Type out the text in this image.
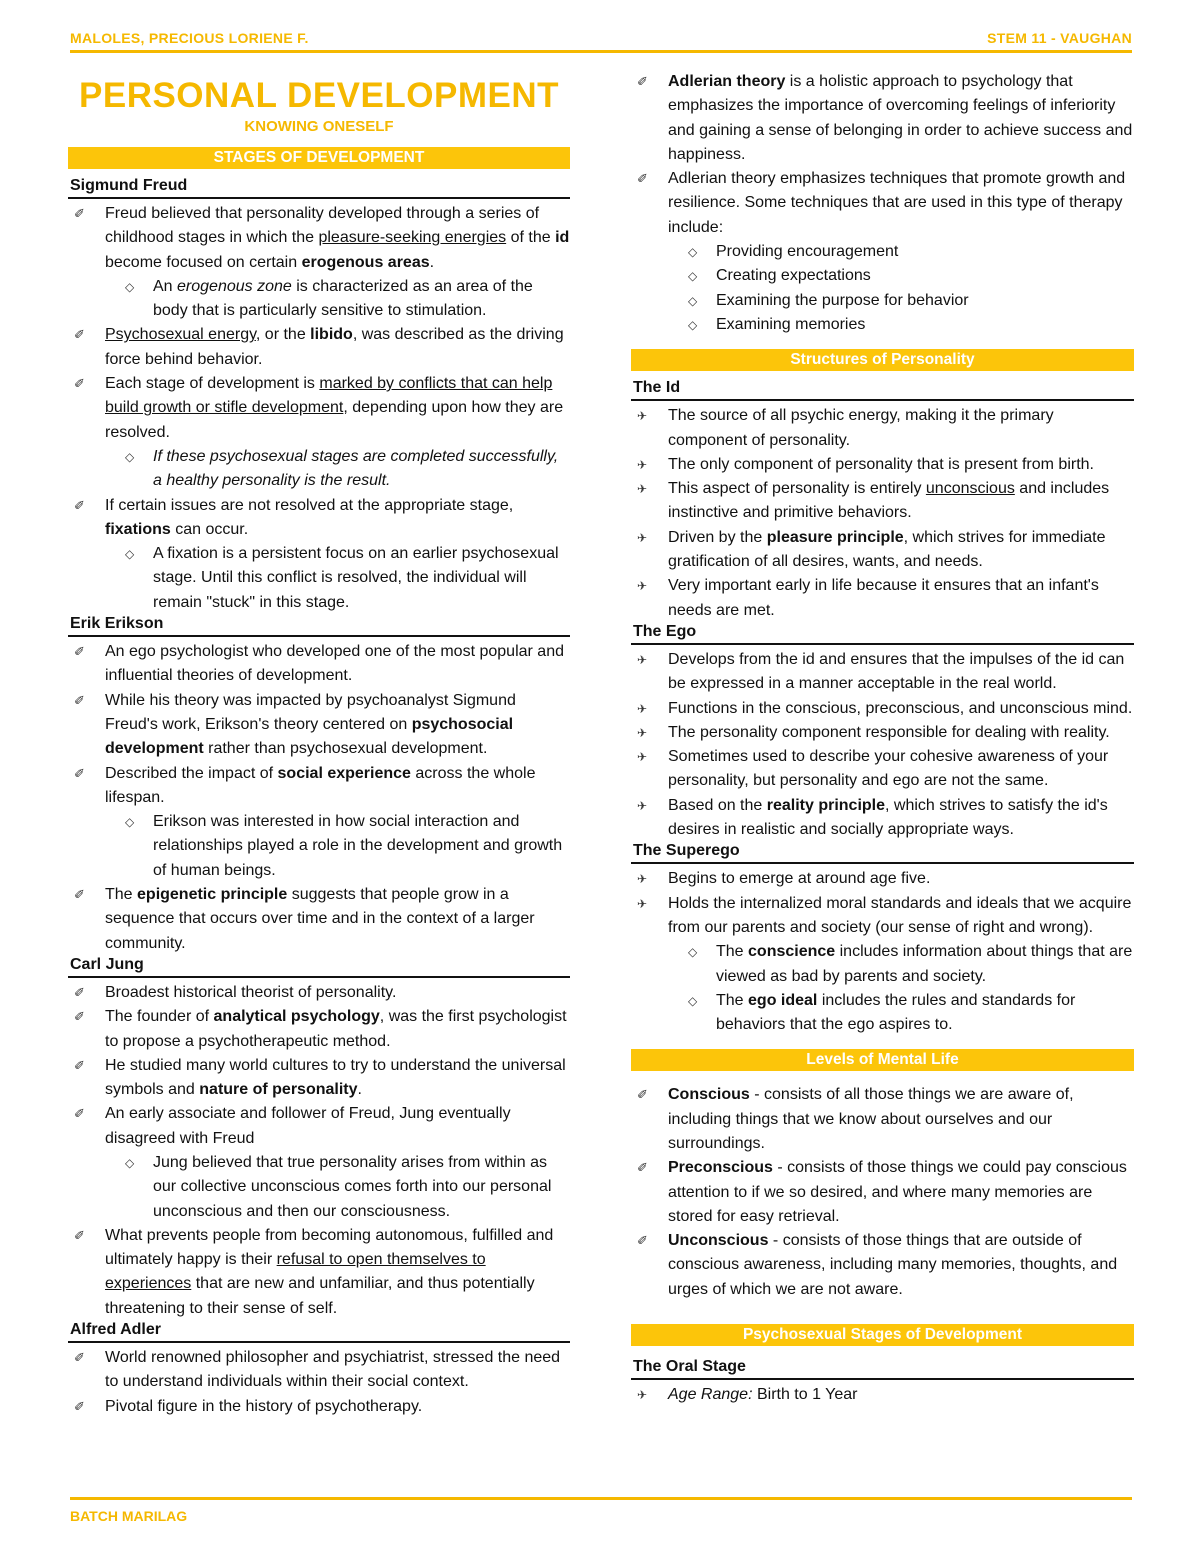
MALOLES, PRECIOUS LORIENE F.	STEM 11 - VAUGHAN
PERSONAL DEVELOPMENT
KNOWING ONESELF
STAGES OF DEVELOPMENT
Sigmund Freud
✐ Freud believed that personality developed through a series of childhood stages in which the pleasure-seeking energies of the id become focused on certain erogenous areas.
◇ An erogenous zone is characterized as an area of the body that is particularly sensitive to stimulation.
✐ Psychosexual energy, or the libido, was described as the driving force behind behavior.
✐ Each stage of development is marked by conflicts that can help build growth or stifle development, depending upon how they are resolved.
◇ If these psychosexual stages are completed successfully, a healthy personality is the result.
✐ If certain issues are not resolved at the appropriate stage, fixations can occur.
◇ A fixation is a persistent focus on an earlier psychosexual stage. Until this conflict is resolved, the individual will remain "stuck" in this stage.
Erik Erikson
✐ An ego psychologist who developed one of the most popular and influential theories of development.
✐ While his theory was impacted by psychoanalyst Sigmund Freud's work, Erikson's theory centered on psychosocial development rather than psychosexual development.
✐ Described the impact of social experience across the whole lifespan.
◇ Erikson was interested in how social interaction and relationships played a role in the development and growth of human beings.
✐ The epigenetic principle suggests that people grow in a sequence that occurs over time and in the context of a larger community.
Carl Jung
✐ Broadest historical theorist of personality.
✐ The founder of analytical psychology, was the first psychologist to propose a psychotherapeutic method.
✐ He studied many world cultures to try to understand the universal symbols and nature of personality.
✐ An early associate and follower of Freud, Jung eventually disagreed with Freud
◇ Jung believed that true personality arises from within as our collective unconscious comes forth into our personal unconscious and then our consciousness.
✐ What prevents people from becoming autonomous, fulfilled and ultimately happy is their refusal to open themselves to experiences that are new and unfamiliar, and thus potentially threatening to their sense of self.
Alfred Adler
✐ World renowned philosopher and psychiatrist, stressed the need to understand individuals within their social context.
✐ Pivotal figure in the history of psychotherapy.
✐ Adlerian theory is a holistic approach to psychology that emphasizes the importance of overcoming feelings of inferiority and gaining a sense of belonging in order to achieve success and happiness.
✐ Adlerian theory emphasizes techniques that promote growth and resilience. Some techniques that are used in this type of therapy include:
◇ Providing encouragement
◇ Creating expectations
◇ Examining the purpose for behavior
◇ Examining memories
Structures of Personality
The Id
✈ The source of all psychic energy, making it the primary component of personality.
✈ The only component of personality that is present from birth.
✈ This aspect of personality is entirely unconscious and includes instinctive and primitive behaviors.
✈ Driven by the pleasure principle, which strives for immediate gratification of all desires, wants, and needs.
✈ Very important early in life because it ensures that an infant's needs are met.
The Ego
✈ Develops from the id and ensures that the impulses of the id can be expressed in a manner acceptable in the real world.
✈ Functions in the conscious, preconscious, and unconscious mind.
✈ The personality component responsible for dealing with reality.
✈ Sometimes used to describe your cohesive awareness of your personality, but personality and ego are not the same.
✈ Based on the reality principle, which strives to satisfy the id's desires in realistic and socially appropriate ways.
The Superego
✈ Begins to emerge at around age five.
✈ Holds the internalized moral standards and ideals that we acquire from our parents and society (our sense of right and wrong).
◇ The conscience includes information about things that are viewed as bad by parents and society.
◇ The ego ideal includes the rules and standards for behaviors that the ego aspires to.
Levels of Mental Life
✐ Conscious - consists of all those things we are aware of, including things that we know about ourselves and our surroundings.
✐ Preconscious - consists of those things we could pay conscious attention to if we so desired, and where many memories are stored for easy retrieval.
✐ Unconscious - consists of those things that are outside of conscious awareness, including many memories, thoughts, and urges of which we are not aware.
Psychosexual Stages of Development
The Oral Stage
✈ Age Range: Birth to 1 Year
BATCH MARILAG
